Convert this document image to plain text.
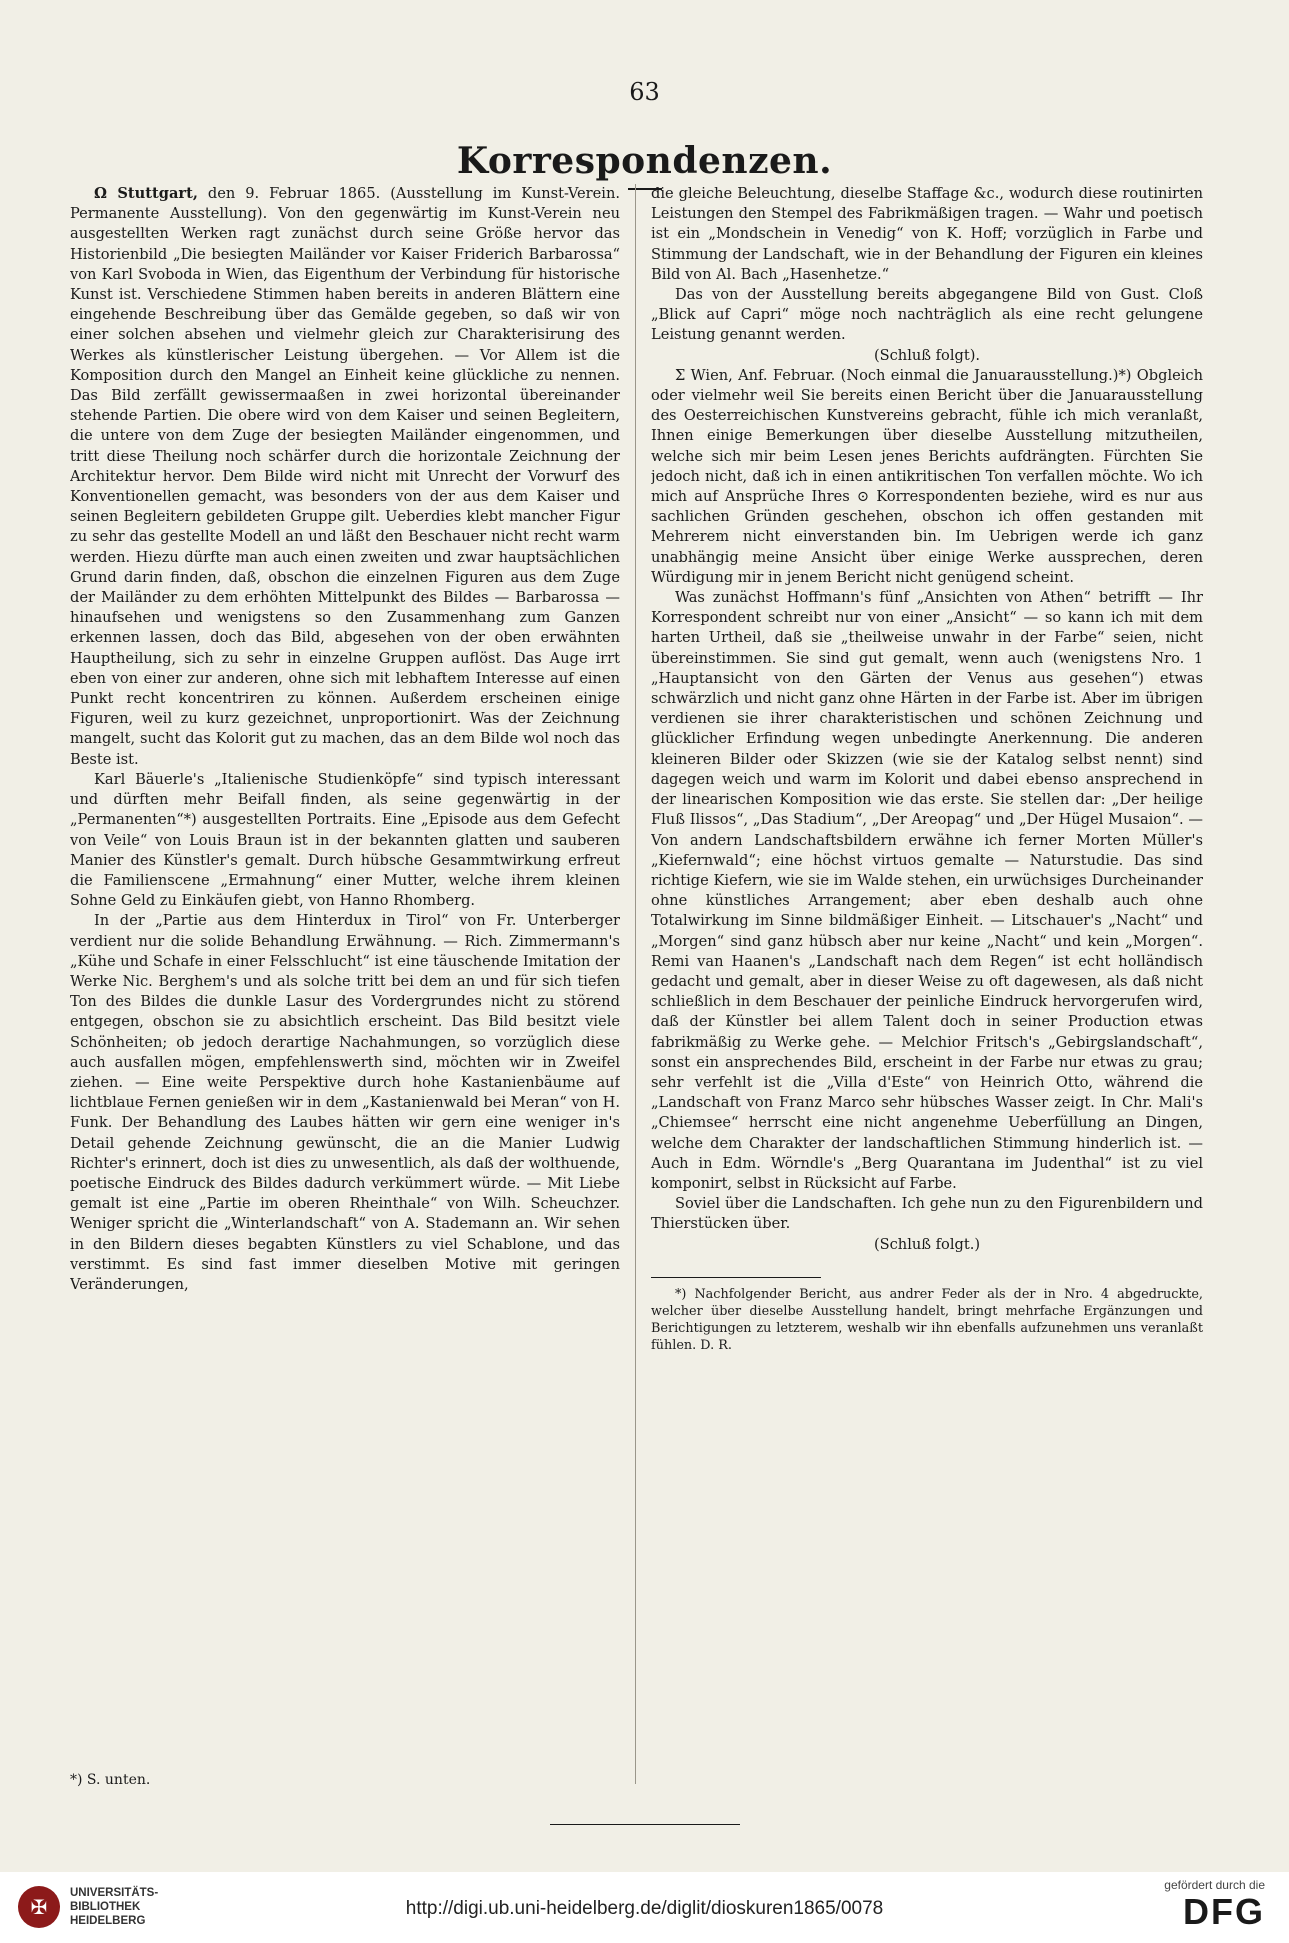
63
Korrespondenzen.

Ω Stuttgart, den 9. Februar 1865. (Ausstellung im Kunst-Verein. Permanente Ausstellung). Von den gegenwärtig im Kunst-Verein neu ausgestellten Werken ragt zunächst durch seine Größe hervor das Historienbild „Die besiegten Mailänder vor Kaiser Friderich Barbarossa“ von Karl Svoboda in Wien, das Eigenthum der Verbindung für historische Kunst ist. Verschiedene Stimmen haben bereits in anderen Blättern eine eingehende Beschreibung über das Gemälde gegeben, so daß wir von einer solchen absehen und vielmehr gleich zur Charakterisirung des Werkes als künstlerischer Leistung übergehen. — Vor Allem ist die Komposition durch den Mangel an Einheit keine glückliche zu nennen. Das Bild zerfällt gewissermaaßen in zwei horizontal übereinander stehende Partien. Die obere wird von dem Kaiser und seinen Begleitern, die untere von dem Zuge der besiegten Mailänder eingenommen, und tritt diese Theilung noch schärfer durch die horizontale Zeichnung der Architektur hervor. Dem Bilde wird nicht mit Unrecht der Vorwurf des Konventionellen gemacht, was besonders von der aus dem Kaiser und seinen Begleitern gebildeten Gruppe gilt. Ueberdies klebt mancher Figur zu sehr das gestellte Modell an und läßt den Beschauer nicht recht warm werden. Hiezu dürfte man auch einen zweiten und zwar hauptsächlichen Grund darin finden, daß, obschon die einzelnen Figuren aus dem Zuge der Mailänder zu dem erhöhten Mittelpunkt des Bildes — Barbarossa — hinaufsehen und wenigstens so den Zusammenhang zum Ganzen erkennen lassen, doch das Bild, abgesehen von der oben erwähnten Hauptheilung, sich zu sehr in einzelne Gruppen auflöst. Das Auge irrt eben von einer zur anderen, ohne sich mit lebhaftem Interesse auf einen Punkt recht koncentriren zu können. Außerdem erscheinen einige Figuren, weil zu kurz gezeichnet, unproportionirt. Was der Zeichnung mangelt, sucht das Kolorit gut zu machen, das an dem Bilde wol noch das Beste ist.

Karl Bäuerle's „Italienische Studienköpfe“ sind typisch interessant und dürften mehr Beifall finden, als seine gegenwärtig in der „Permanenten“*) ausgestellten Portraits. Eine „Episode aus dem Gefecht von Veile“ von Louis Braun ist in der bekannten glatten und sauberen Manier des Künstler's gemalt. Durch hübsche Gesammtwirkung erfreut die Familienscene „Ermahnung“ einer Mutter, welche ihrem kleinen Sohne Geld zu Einkäufen giebt, von Hanno Rhomberg.

In der „Partie aus dem Hinterdux in Tirol“ von Fr. Unterberger verdient nur die solide Behandlung Erwähnung. — Rich. Zimmermann's „Kühe und Schafe in einer Felsschlucht“ ist eine täuschende Imitation der Werke Nic. Berghem's und als solche tritt bei dem an und für sich tiefen Ton des Bildes die dunkle Lasur des Vordergrundes nicht zu störend entgegen, obschon sie zu absichtlich erscheint. Das Bild besitzt viele Schönheiten; ob jedoch derartige Nachahmungen, so vorzüglich diese auch ausfallen mögen, empfehlenswerth sind, möchten wir in Zweifel ziehen. — Eine weite Perspektive durch hohe Kastanienbäume auf lichtblaue Fernen genießen wir in dem „Kastanienwald bei Meran“ von H. Funk. Der Behandlung des Laubes hätten wir gern eine weniger in's Detail gehende Zeichnung gewünscht, die an die Manier Ludwig Richter's erinnert, doch ist dies zu unwesentlich, als daß der wolthuende, poetische Eindruck des Bildes dadurch verkümmert würde. — Mit Liebe gemalt ist eine „Partie im oberen Rheinthale“ von Wilh. Scheuchzer. Weniger spricht die „Winterlandschaft“ von A. Stademann an. Wir sehen in den Bildern dieses begabten Künstlers zu viel Schablone, und das verstimmt. Es sind fast immer dieselben Motive mit geringen Veränderungen,

die gleiche Beleuchtung, dieselbe Staffage &c., wodurch diese routinirten Leistungen den Stempel des Fabrikmäßigen tragen. — Wahr und poetisch ist ein „Mondschein in Venedig“ von K. Hoff; vorzüglich in Farbe und Stimmung der Landschaft, wie in der Behandlung der Figuren ein kleines Bild von Al. Bach „Hasenhetze.“

Das von der Ausstellung bereits abgegangene Bild von Gust. Cloß „Blick auf Capri“ möge noch nachträglich als eine recht gelungene Leistung genannt werden.

(Schluß folgt).

Σ Wien, Anf. Februar. (Noch einmal die Januarausstellung.)*) Obgleich oder vielmehr weil Sie bereits einen Bericht über die Januarausstellung des Oesterreichischen Kunstvereins gebracht, fühle ich mich veranlaßt, Ihnen einige Bemerkungen über dieselbe Ausstellung mitzutheilen, welche sich mir beim Lesen jenes Berichts aufdrängten. Fürchten Sie jedoch nicht, daß ich in einen antikritischen Ton verfallen möchte. Wo ich mich auf Ansprüche Ihres ⊙ Korrespondenten beziehe, wird es nur aus sachlichen Gründen geschehen, obschon ich offen gestanden mit Mehrerem nicht einverstanden bin. Im Uebrigen werde ich ganz unabhängig meine Ansicht über einige Werke aussprechen, deren Würdigung mir in jenem Bericht nicht genügend scheint.

Was zunächst Hoffmann's fünf „Ansichten von Athen“ betrifft — Ihr Korrespondent schreibt nur von einer „Ansicht“ — so kann ich mit dem harten Urtheil, daß sie „theilweise unwahr in der Farbe“ seien, nicht übereinstimmen. Sie sind gut gemalt, wenn auch (wenigstens Nro. 1 „Hauptansicht von den Gärten der Venus aus gesehen“) etwas schwärzlich und nicht ganz ohne Härten in der Farbe ist. Aber im übrigen verdienen sie ihrer charakteristischen und schönen Zeichnung und glücklicher Erfindung wegen unbedingte Anerkennung. Die anderen kleineren Bilder oder Skizzen (wie sie der Katalog selbst nennt) sind dagegen weich und warm im Kolorit und dabei ebenso ansprechend in der linearischen Komposition wie das erste. Sie stellen dar: „Der heilige Fluß Ilissos“, „Das Stadium“, „Der Areopag“ und „Der Hügel Musaion“. — Von andern Landschaftsbildern erwähne ich ferner Morten Müller's „Kiefernwald“; eine höchst virtuos gemalte — Naturstudie. Das sind richtige Kiefern, wie sie im Walde stehen, ein urwüchsiges Durcheinander ohne künstliches Arrangement; aber eben deshalb auch ohne Totalwirkung im Sinne bildmäßiger Einheit. — Litschauer's „Nacht“ und „Morgen“ sind ganz hübsch aber nur keine „Nacht“ und kein „Morgen“. Remi van Haanen's „Landschaft nach dem Regen“ ist echt holländisch gedacht und gemalt, aber in dieser Weise zu oft dagewesen, als daß nicht schließlich in dem Beschauer der peinliche Eindruck hervorgerufen wird, daß der Künstler bei allem Talent doch in seiner Production etwas fabrikmäßig zu Werke gehe. — Melchior Fritsch's „Gebirgslandschaft“, sonst ein ansprechendes Bild, erscheint in der Farbe nur etwas zu grau; sehr verfehlt ist die „Villa d'Este“ von Heinrich Otto, während die „Landschaft von Franz Marco sehr hübsches Wasser zeigt. In Chr. Mali's „Chiemsee“ herrscht eine nicht angenehme Ueberfüllung an Dingen, welche dem Charakter der landschaftlichen Stimmung hinderlich ist. — Auch in Edm. Wörndle's „Berg Quarantana im Judenthal“ ist zu viel komponirt, selbst in Rücksicht auf Farbe.

Soviel über die Landschaften. Ich gehe nun zu den Figurenbildern und Thierstücken über.

(Schluß folgt.)

*) Nachfolgender Bericht, aus andrer Feder als der in Nro. 4 abgedruckte, welcher über dieselbe Ausstellung handelt, bringt mehrfache Ergänzungen und Berichtigungen zu letzterem, weshalb wir ihn ebenfalls aufzunehmen uns veranlaßt fühlen. D. R.

*) S. unten.
✠
UNIVERSITÄTS-
BIBLIOTHEK
HEIDELBERG
http://digi.ub.uni-heidelberg.de/diglit/dioskuren1865/0078
gefördert durch die
DFG
